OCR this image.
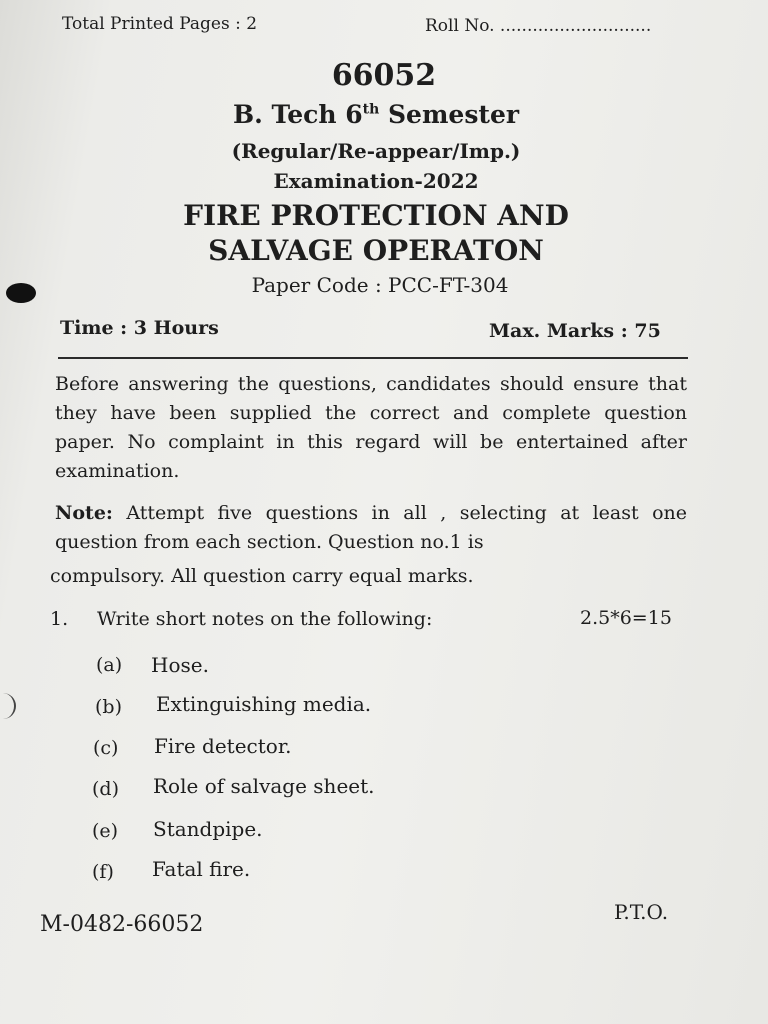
Total Printed Pages : 2	Roll No. ............................
66052
B. Tech 6th Semester
(Regular/Re-appear/Imp.)
Examination-2022
FIRE PROTECTION AND
SALVAGE OPERATON
Paper Code : PCC-FT-304
Time : 3 Hours	Max. Marks : 75
Before answering the questions, candidates should ensure that they have been supplied the correct and complete question paper. No complaint in this regard will be entertained after examination.
Note: Attempt five questions in all , selecting at least one question from each section. Question no.1 is
compulsory. All question carry equal marks.
1. Write short notes on the following:	2.5*6=15
(a) Hose.
(b) Extinguishing media.
(c) Fire detector.
(d) Role of salvage sheet.
(e) Standpipe.
(f) Fatal fire.
M-0482-66052	P.T.O.
